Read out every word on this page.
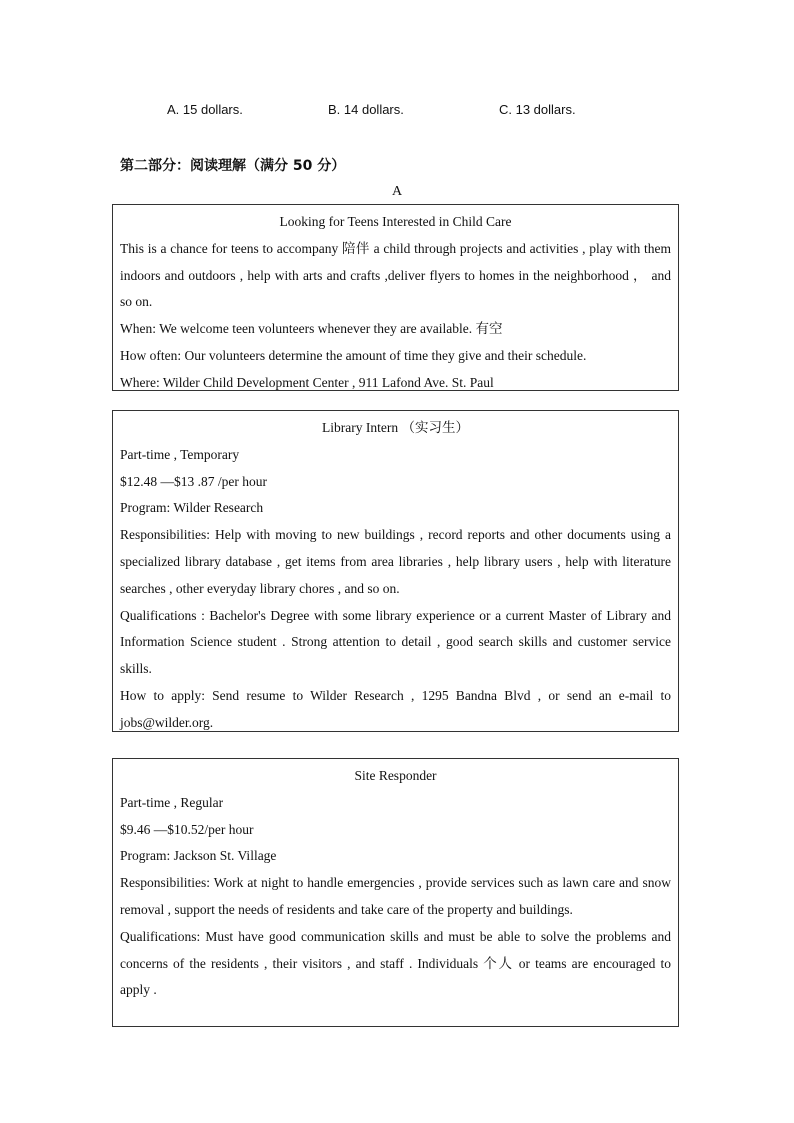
A. 15 dollars.	B. 14 dollars.	C. 13 dollars.
第二部分：阅读理解（满分 50 分）
A

Looking for Teens Interested in Child Care

This is a chance for teens to accompany 陪伴 a child through projects and activities , play with them indoors and outdoors , help with arts and crafts ,deliver flyers to homes in the neighborhood ， and so on.

When: We welcome teen volunteers whenever they are available. 有空

How often: Our volunteers determine the amount of time they give and their schedule.

Where: Wilder Child Development Center , 911 Lafond Ave. St. Paul

Library Intern （实习生）

Part-time , Temporary

$12.48 —$13 .87 /per hour

Program: Wilder Research

Responsibilities: Help with moving to new buildings , record reports and other documents using a specialized library database , get items from area libraries , help library users , help with literature searches , other everyday library chores , and so on.

Qualifications : Bachelor's Degree with some library experience or a current Master of Library and Information Science student . Strong attention to detail , good search skills and customer service skills.

How to apply: Send resume to Wilder Research , 1295 Bandna Blvd , or send an e-mail to jobs@wilder.org.

Site Responder

Part-time , Regular

$9.46 —$10.52/per hour

Program: Jackson St. Village

Responsibilities: Work at night to handle emergencies , provide services such as lawn care and snow removal , support the needs of residents and take care of the property and buildings.

Qualifications: Must have good communication skills and must be able to solve the problems and concerns of the residents , their visitors , and staff . Individuals 个人 or teams are encouraged to apply .
